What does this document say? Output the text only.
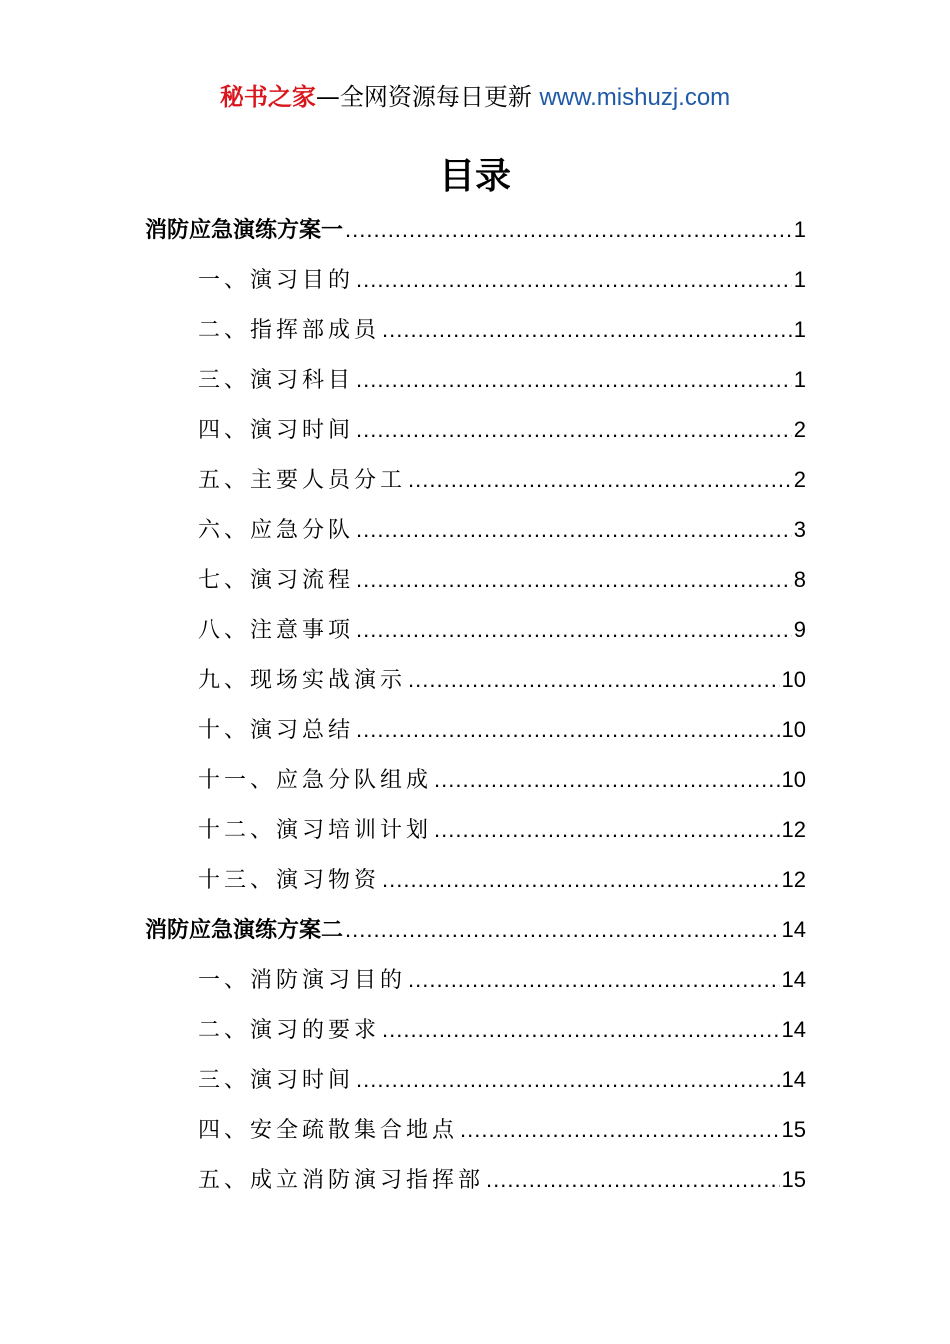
秘书之家—全网资源每日更新 www.mishuzj.com
目录
消防应急演练方案一 .....	1
一、演习目的 .....	1
二、指挥部成员 .....	1
三、演习科目 .....	1
四、演习时间 .....	2
五、主要人员分工 .....	2
六、应急分队 .....	3
七、演习流程 .....	8
八、注意事项 .....	9
九、现场实战演示 .....	10
十、演习总结 .....	10
十一、应急分队组成 .....	10
十二、演习培训计划 .....	12
十三、演习物资 .....	12
消防应急演练方案二 .....	14
一、消防演习目的 .....	14
二、演习的要求 .....	14
三、演习时间 .....	14
四、安全疏散集合地点 .....	15
五、成立消防演习指挥部 .....	15
